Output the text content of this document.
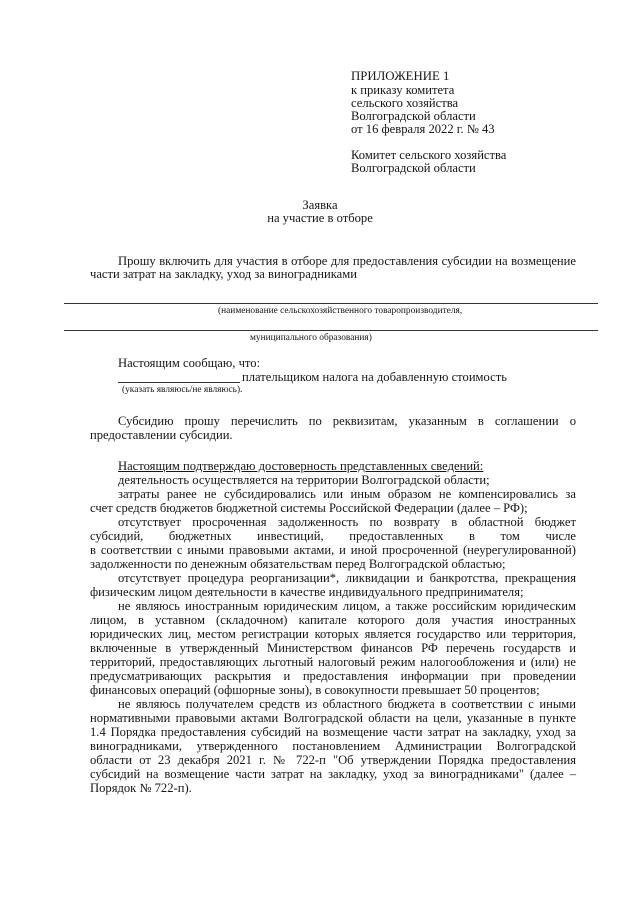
ПРИЛОЖЕНИЕ 1
к приказу комитета
сельского хозяйства
Волгоградской области
от 16 февраля 2022 г. № 43
Комитет сельского хозяйства
Волгоградской области
Заявка
на участие в отборе
Прошу включить для участия в отборе для предоставления субсидии на возмещение
части затрат на закладку, уход за виноградниками
(наименование сельскохозяйственного товаропроизводителя,
муниципального образования)
Настоящим сообщаю, что:
плательщиком налога на добавленную стоимость
(указать являюсь/не являюсь).
Субсидию прошу перечислить по реквизитам, указанным в соглашении о
предоставлении субсидии.
Настоящим подтверждаю достоверность представленных сведений:
деятельность осуществляется на территории Волгоградской области;
затраты ранее не субсидировались или иным образом не компенсировались за
счет средств бюджетов бюджетной системы Российской Федерации (далее – РФ);
отсутствует просроченная задолженность по возврату в областной бюджет
субсидий, бюджетных инвестиций, предоставленных в том числе
в соответствии с иными правовыми актами, и иной просроченной (неурегулированной)
задолженности по денежным обязательствам перед Волгоградской областью;
отсутствует процедура реорганизации*, ликвидации и банкротства, прекращения
физическим лицом деятельности в качестве индивидуального предпринимателя;
не являюсь иностранным юридическим лицом, а также российским юридическим
лицом, в уставном (складочном) капитале которого доля участия иностранных
юридических лиц, местом регистрации которых является государство или территория,
включенные в утвержденный Министерством финансов РФ перечень государств и
территорий, предоставляющих льготный налоговый режим налогообложения и (или) не
предусматривающих раскрытия и предоставления информации при проведении
финансовых операций (офшорные зоны), в совокупности превышает 50 процентов;
не являюсь получателем средств из областного бюджета в соответствии с иными
нормативными правовыми актами Волгоградской области на цели, указанные в пункте
1.4 Порядка предоставления субсидий на возмещение части затрат на закладку, уход за
виноградниками, утвержденного постановлением Администрации Волгоградской
области от 23 декабря 2021 г. № 722-п "Об утверждении Порядка предоставления
субсидий на возмещение части затрат на закладку, уход за виноградниками" (далее –
Порядок № 722-п).
